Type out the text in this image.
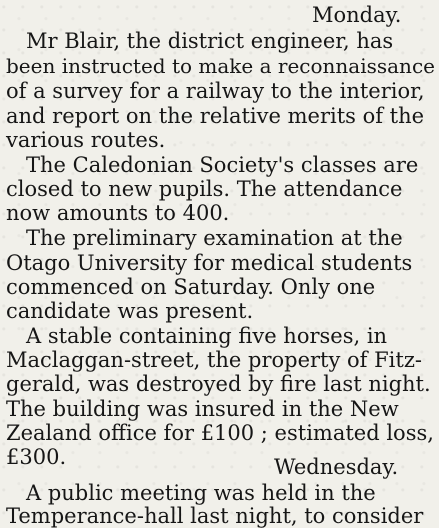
Monday.
Mr Blair, the district engineer, has
been instructed to make a reconnaissance
of a survey for a railway to the interior,
and report on the relative merits of the
various routes.
The Caledonian Society's classes are
closed to new pupils. The attendance
now amounts to 400.
The preliminary examination at the
Otago University for medical students
commenced on Saturday. Only one
candidate was present.
A stable containing five horses, in
Maclaggan-street, the property of Fitz-
gerald, was destroyed by fire last night.
The building was insured in the New
Zealand office for £100 ; estimated loss,
£300.	Wednesday.
A public meeting was held in the
Temperance-hall last night, to consider
